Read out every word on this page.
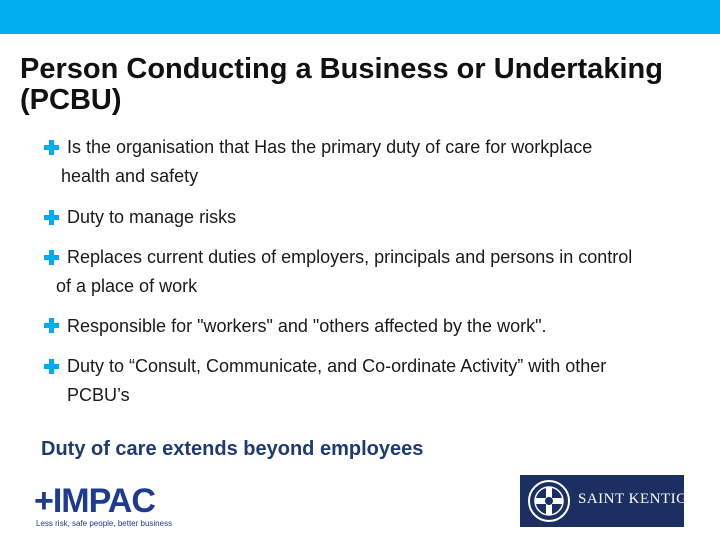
Person Conducting a Business or Undertaking (PCBU)
Is the organisation that Has the primary duty of care for workplace
health and safety
Duty to manage risks
Replaces current duties of employers, principals and persons in control
of a place of work
Responsible for "workers" and "others affected by the work".
Duty to “Consult, Communicate, and Co-ordinate Activity” with other
PCBU’s
Duty of care extends beyond employees
+IMPAC
Less risk, safe people, better business
SAINT KENTIGERN
